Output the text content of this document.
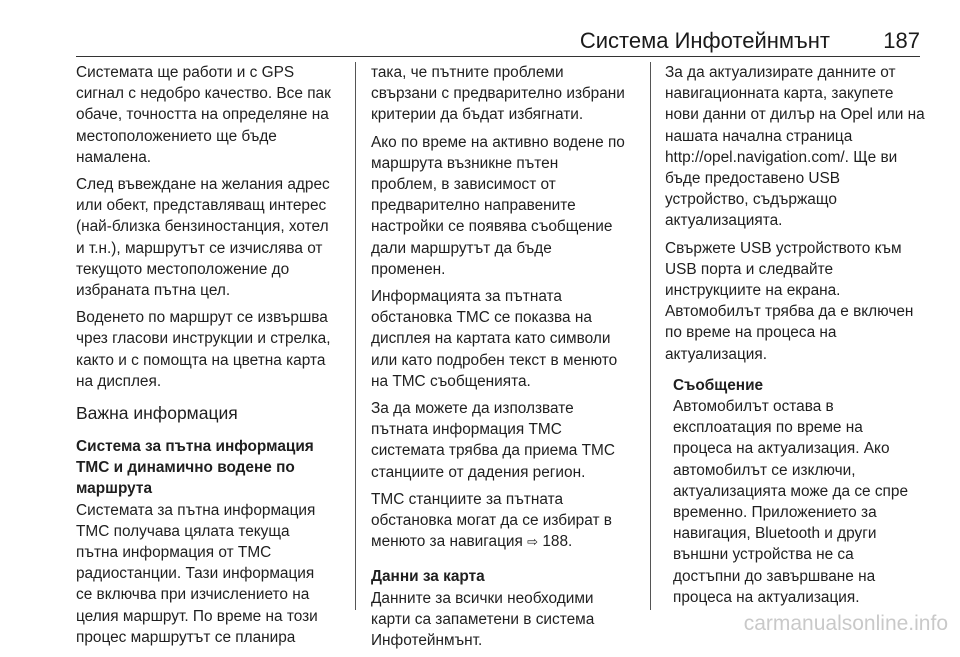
Система Инфотейнмънт 187

Системата ще работи и с GPS
сигнал с недобро качество. Все пак
обаче, точността на определяне на
местоположението ще бъде
намалена.

След въвеждане на желания адрес
или обект, представляващ интерес
(най-близка бензиностанция, хотел
и т.н.), маршрутът се изчислява от
текущото местоположение до
избраната пътна цел.

Воденето по маршрут се извършва
чрез гласови инструкции и стрелка,
както и с помощта на цветна карта
на дисплея.

Важна информация

Система за пътна информация
TMC и динамично водене по
маршрута

Системата за пътна информация
TMC получава цялата текуща
пътна информация от TMC
радиостанции. Тази информация
се включва при изчислението на
целия маршрут. По време на този
процес маршрутът се планира

така, че пътните проблеми
свързани с предварително избрани
критерии да бъдат избягнати.

Ако по време на активно водене по
маршрута възникне пътен
проблем, в зависимост от
предварително направените
настройки се появява съобщение
дали маршрутът да бъде
променен.

Информацията за пътната
обстановка TMC се показва на
дисплея на картата като символи
или като подробен текст в менюто
на TMC съобщенията.

За да можете да използвате
пътната информация TMC
системата трябва да приема TMC
станциите от дадения регион.

TMC станциите за пътната
обстановка могат да се избират в
менюто за навигация ⇨ 188.

Данни за карта

Данните за всички необходими
карти са запаметени в система
Инфотейнмънт.

За да актуализирате данните от
навигационната карта, закупете
нови данни от дилър на Opel или на
нашата начална страница
http://opel.navigation.com/. Ще ви
бъде предоставено USB
устройство, съдържащо
актуализацията.

Свържете USB устройството към
USB порта и следвайте
инструкциите на екрана.
Автомобилът трябва да е включен
по време на процеса на
актуализация.

Съобщение

Автомобилът остава в
експлоатация по време на
процеса на актуализация. Ако
автомобилът се изключи,
актуализацията може да се спре
временно. Приложението за
навигация, Bluetooth и други
външни устройства не са
достъпни до завършване на
процеса на актуализация.

carmanualsonline.info
